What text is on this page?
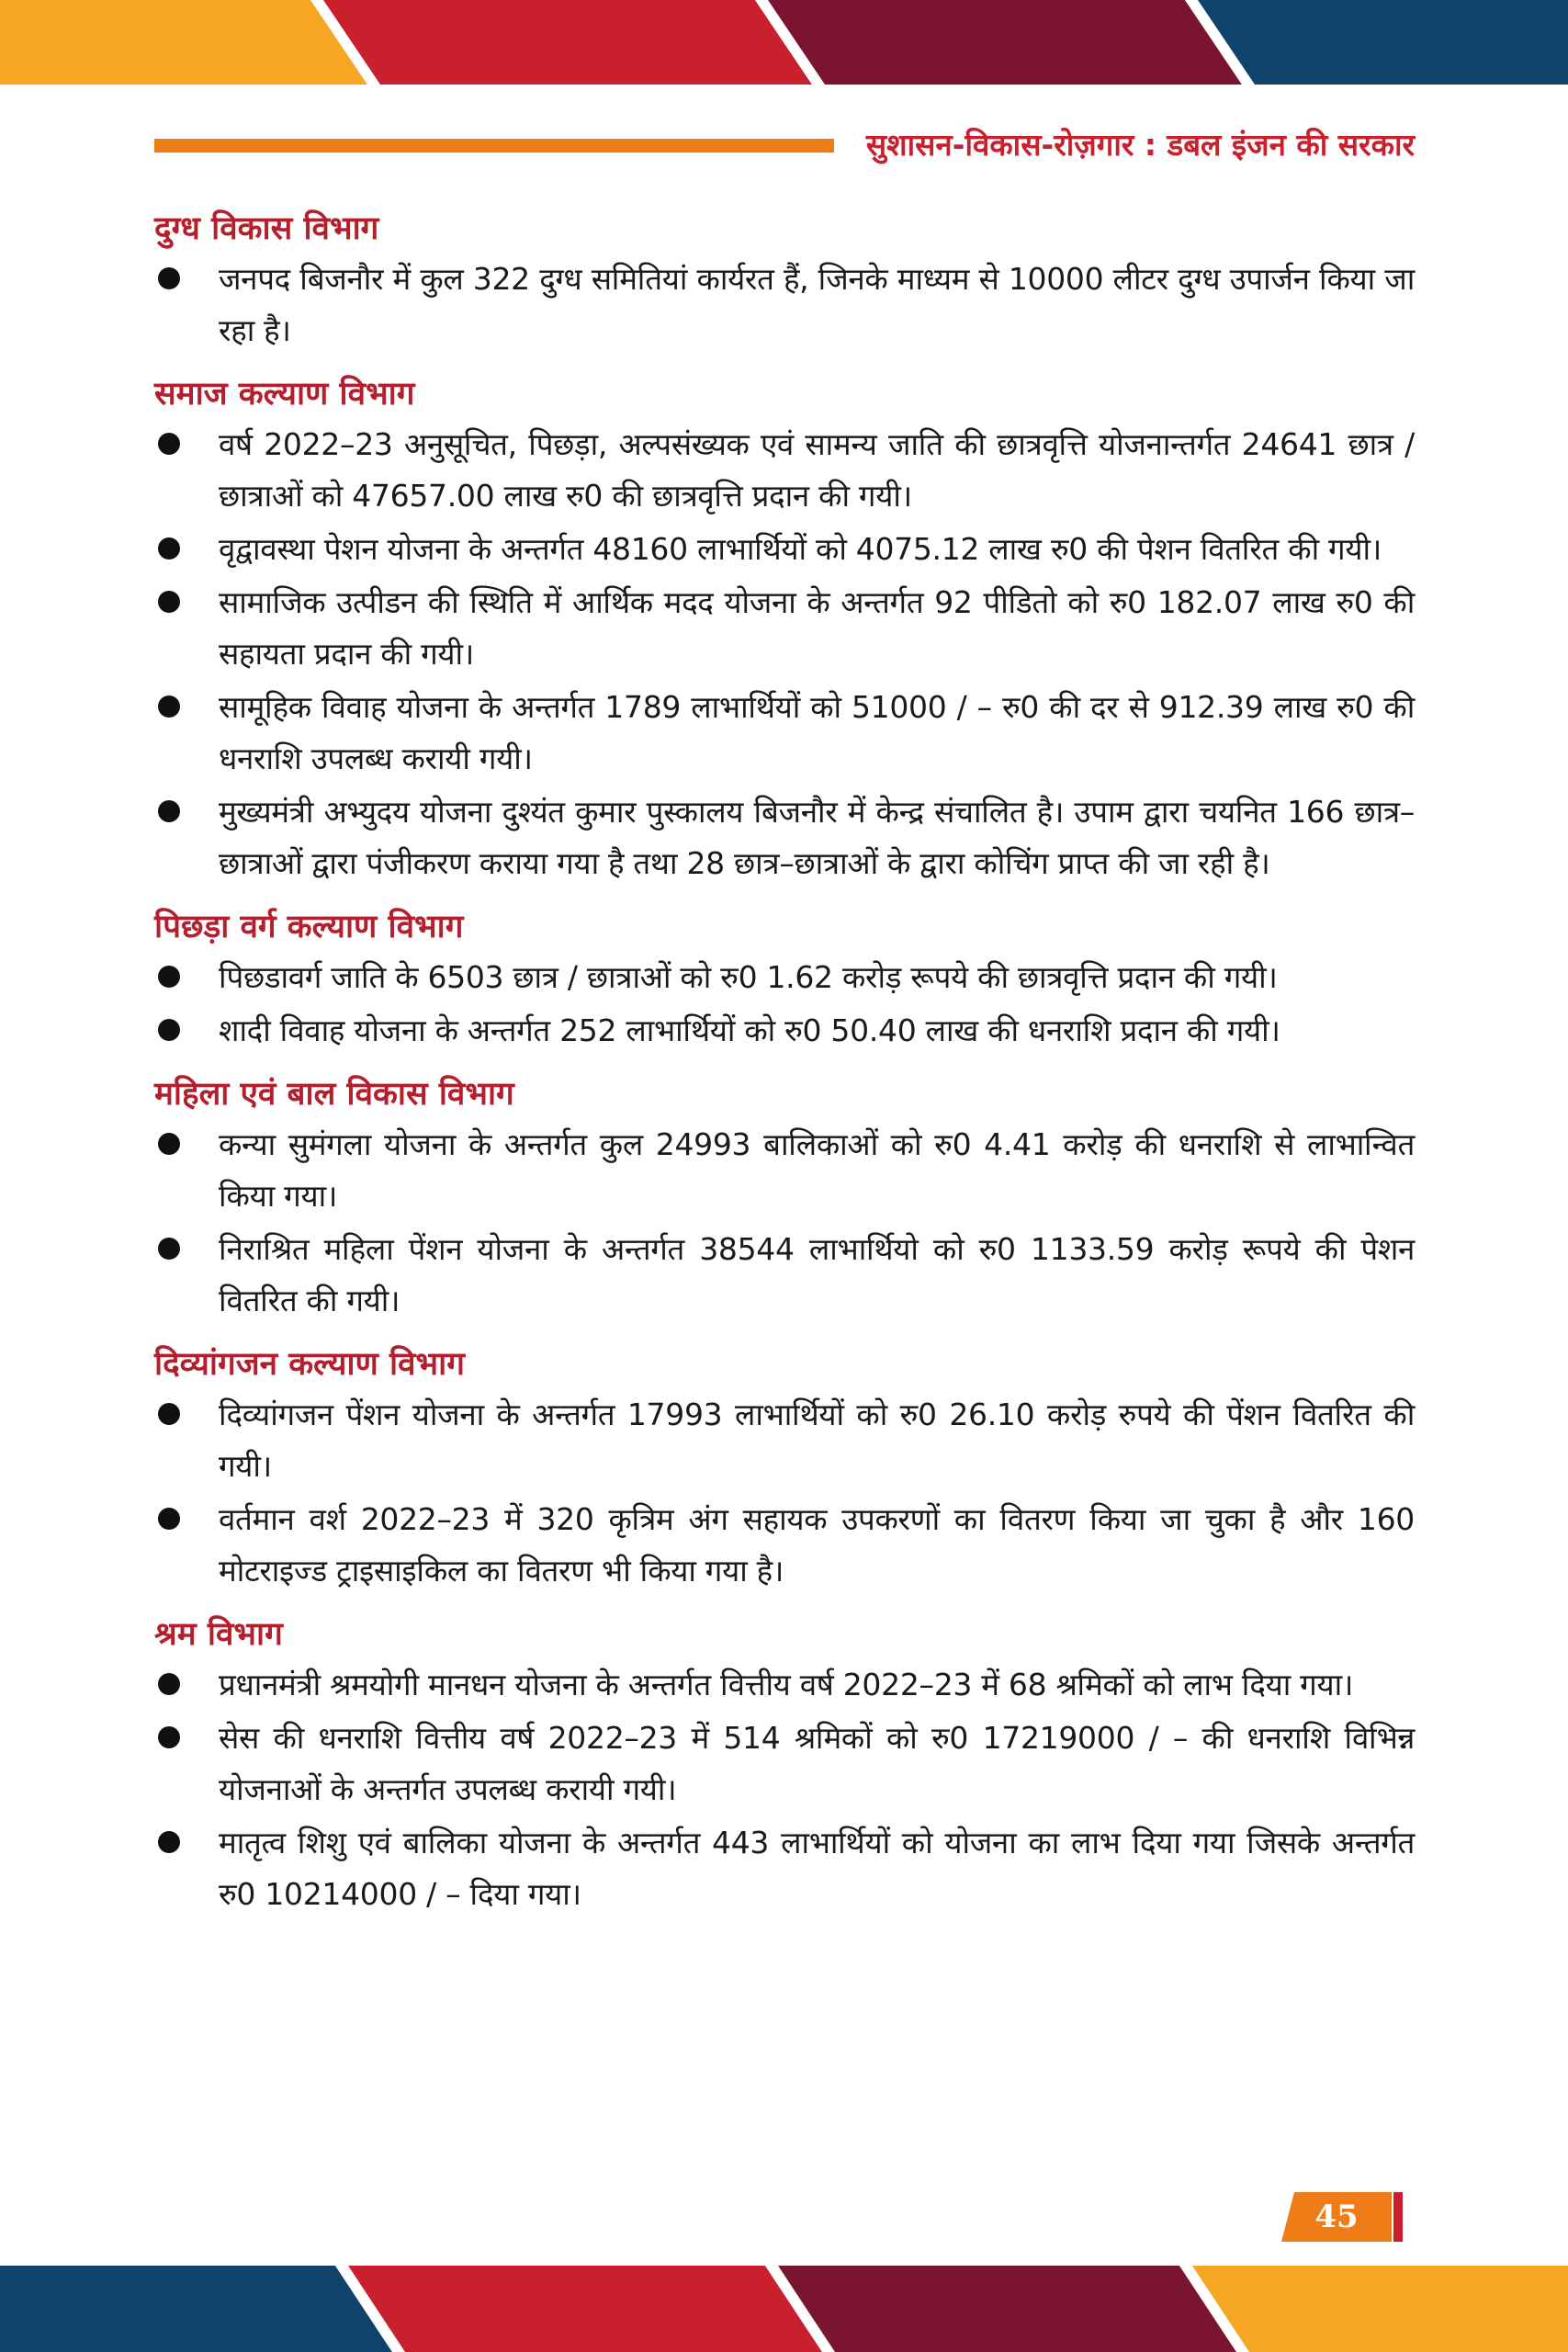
सुशासन-विकास-रोज़गार : डबल इंजन की सरकार
दुग्ध विकास विभाग
जनपद बिजनौर में कुल 322 दुग्ध समितियां कार्यरत हैं, जिनके माध्यम से 10000 लीटर दुग्ध उपार्जन किया जा रहा है।
समाज कल्याण विभाग
वर्ष 2022–23 अनुसूचित, पिछड़ा, अल्पसंख्यक एवं सामन्य जाति की छात्रवृत्ति योजनान्तर्गत 24641 छात्र / छात्राओं को 47657.00 लाख रु0 की छात्रवृत्ति प्रदान की गयी।
वृद्वावस्था पेशन योजना के अन्तर्गत 48160 लाभार्थियों को 4075.12 लाख रु0 की पेशन वितरित की गयी।
सामाजिक उत्पीडन की स्थिति में आर्थिक मदद योजना के अन्तर्गत 92 पीडितो को रु0 182.07 लाख रु0 की सहायता प्रदान की गयी।
सामूहिक विवाह योजना के अन्तर्गत 1789 लाभार्थियों को 51000 / – रु0 की दर से 912.39 लाख रु0 की धनराशि उपलब्ध करायी गयी।
मुख्यमंत्री अभ्युदय योजना दुश्यंत कुमार पुस्कालय बिजनौर में केन्द्र संचालित है। उपाम द्वारा चयनित 166 छात्र–छात्राओं द्वारा पंजीकरण कराया गया है तथा 28 छात्र–छात्राओं के द्वारा कोचिंग प्राप्त की जा रही है।
पिछड़ा वर्ग कल्याण विभाग
पिछडावर्ग जाति के 6503 छात्र / छात्राओं को रु0 1.62 करोड़ रूपये की छात्रवृत्ति प्रदान की गयी।
शादी विवाह योजना के अन्तर्गत 252 लाभार्थियों को रु0 50.40 लाख की धनराशि प्रदान की गयी।
महिला एवं बाल विकास विभाग
कन्या सुमंगला योजना के अन्तर्गत कुल 24993 बालिकाओं को रु0 4.41 करोड़ की धनराशि से लाभान्वित किया गया।
निराश्रित महिला पेंशन योजना के अन्तर्गत 38544 लाभार्थियो को रु0 1133.59 करोड़ रूपये की पेशन वितरित की गयी।
दिव्यांगजन कल्याण विभाग
दिव्यांगजन पेंशन योजना के अन्तर्गत 17993 लाभार्थियों को रु0 26.10 करोड़ रुपये की पेंशन वितरित की गयी।
वर्तमान वर्श 2022–23 में 320 कृत्रिम अंग सहायक उपकरणों का वितरण किया जा चुका है और 160 मोटराइज्ड ट्राइसाइकिल का वितरण भी किया गया है।
श्रम विभाग
प्रधानमंत्री श्रमयोगी मानधन योजना के अन्तर्गत वित्तीय वर्ष 2022–23 में 68 श्रमिकों को लाभ दिया गया।
सेस की धनराशि वित्तीय वर्ष 2022–23 में 514 श्रमिकों को रु0 17219000 / – की धनराशि विभिन्न योजनाओं के अन्तर्गत उपलब्ध करायी गयी।
मातृत्व शिशु एवं बालिका योजना के अन्तर्गत 443 लाभार्थियों को योजना का लाभ दिया गया जिसके अन्तर्गत रु0 10214000 / – दिया गया।
45
